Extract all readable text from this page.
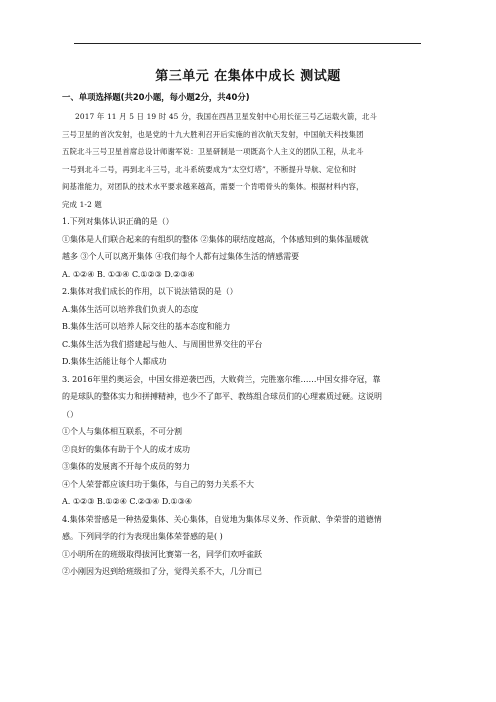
第三单元 在集体中成长 测试题
一、单项选择题(共20小题，每小题2分，共40分)
2017 年 11 月 5 日 19 时 45 分，我国在西昌卫星发射中心用长征三号乙运载火箭，北斗
三号卫星的首次发射，也是党的十九大胜利召开后实施的首次航天发射，中国航天科技集团
五院北斗三号卫星首席总设计师谢军说：卫星研制是一项既高个人主义的团队工程，从北斗
一号到北斗二号，再到北斗三号，北斗系统要成为“太空灯塔”，不断提升导航、定位和时
间基准能力，对团队的技术水平要求越来越高，需要一个肯啃骨头的集体。根据材料内容，
完成 1-2 题
1.下列对集体认识正确的是（）
①集体是人们联合起来的有组织的整体 ②集体的联结度越高，个体感知到的集体温暖就
越多 ③个人可以离开集体 ④我们每个人都有过集体生活的情感需要
A. ①②④ B. ①③④ C.①②③ D.②③④
2.集体对我们成长的作用，以下说法错误的是（）
A.集体生活可以培养我们负责人的态度
B.集体生活可以培养人际交往的基本态度和能力
C.集体生活为我们搭建起与他人、与周围世界交往的平台
D.集体生活能让每个人都成功
3. 2016年里约奥运会，中国女排逆袭巴西，大败荷兰，完胜塞尔维……中国女排夺冠，靠
的是球队的整体实力和拼搏精神，也少不了郎平、教练组合球员们的心理素质过硬。这说明
（）
①个人与集体相互联系，不可分割
②良好的集体有助于个人的成才成功
③集体的发展离不开每个成员的努力
④个人荣誉都应该归功于集体，与自己的努力关系不大
A. ①②③ B.①②④ C.②③④ D.①③④
4.集体荣誉感是一种热爱集体、关心集体，自觉地为集体尽义务、作贡献、争荣誉的道德情
感。下列同学的行为表现出集体荣誉感的是( )
①小明所在的班级取得拔河比赛第一名，同学们欢呼雀跃
②小刚因为迟到给班级扣了分，觉得关系不大，几分而已
